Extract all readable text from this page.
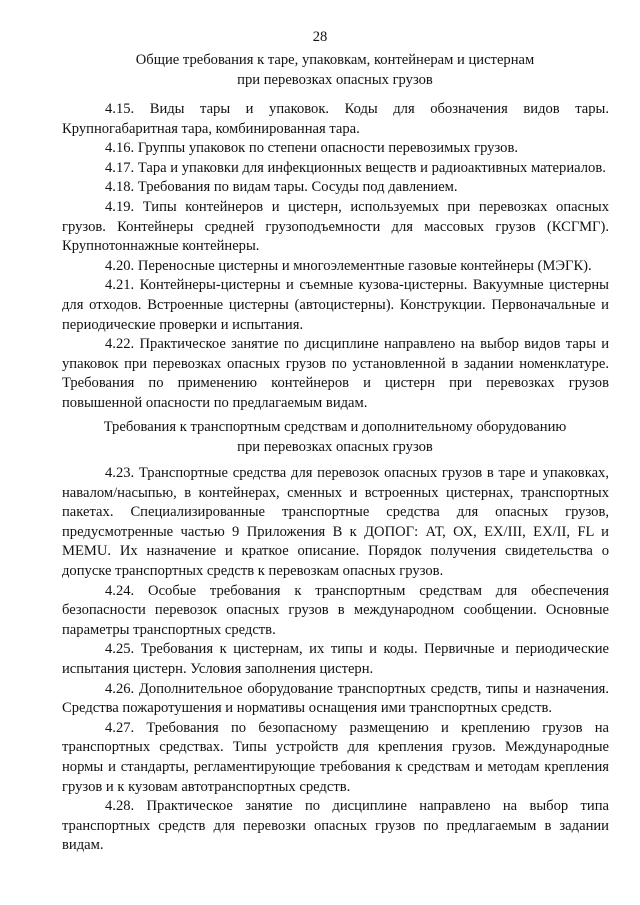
28
Общие требования к таре, упаковкам, контейнерам и цистернам
при перевозках опасных грузов

4.15. Виды тары и упаковок. Коды для обозначения видов тары. Крупногабаритная тара, комбинированная тара.

4.16. Группы упаковок по степени опасности перевозимых грузов.

4.17. Тара и упаковки для инфекционных веществ и радиоактивных материалов.

4.18. Требования по видам тары. Сосуды под давлением.

4.19. Типы контейнеров и цистерн, используемых при перевозках опасных грузов. Контейнеры средней грузоподъемности для массовых грузов (КСГМГ). Крупнотоннажные контейнеры.

4.20. Переносные цистерны и многоэлементные газовые контейнеры (МЭГК).

4.21. Контейнеры-цистерны и съемные кузова-цистерны. Вакуумные цистерны для отходов. Встроенные цистерны (автоцистерны). Конструкции. Первоначальные и периодические проверки и испытания.

4.22. Практическое занятие по дисциплине направлено на выбор видов тары и упаковок при перевозках опасных грузов по установленной в задании номенклатуре. Требования по применению контейнеров и цистерн при перевозках грузов повышенной опасности по предлагаемым видам.

Требования к транспортным средствам и дополнительному оборудованию
при перевозках опасных грузов

4.23. Транспортные средства для перевозок опасных грузов в таре и упаковках, навалом/насыпью, в контейнерах, сменных и встроенных цистернах, транспортных пакетах. Специализированные транспортные средства для опасных грузов, предусмотренные частью 9 Приложения В к ДОПОГ: АТ, ОХ, EX/III, EX/II, FL и MEMU. Их назначение и краткое описание. Порядок получения свидетельства о допуске транспортных средств к перевозкам опасных грузов.

4.24. Особые требования к транспортным средствам для обеспечения безопасности перевозок опасных грузов в международном сообщении. Основные параметры транспортных средств.

4.25. Требования к цистернам, их типы и коды. Первичные и периодические испытания цистерн. Условия заполнения цистерн.

4.26. Дополнительное оборудование транспортных средств, типы и назначения. Средства пожаротушения и нормативы оснащения ими транспортных средств.

4.27. Требования по безопасному размещению и креплению грузов на транспортных средствах. Типы устройств для крепления грузов. Международные нормы и стандарты, регламентирующие требования к средствам и методам крепления грузов и к кузовам автотранспортных средств.

4.28. Практическое занятие по дисциплине направлено на выбор типа транспортных средств для перевозки опасных грузов по предлагаемым в задании видам.
